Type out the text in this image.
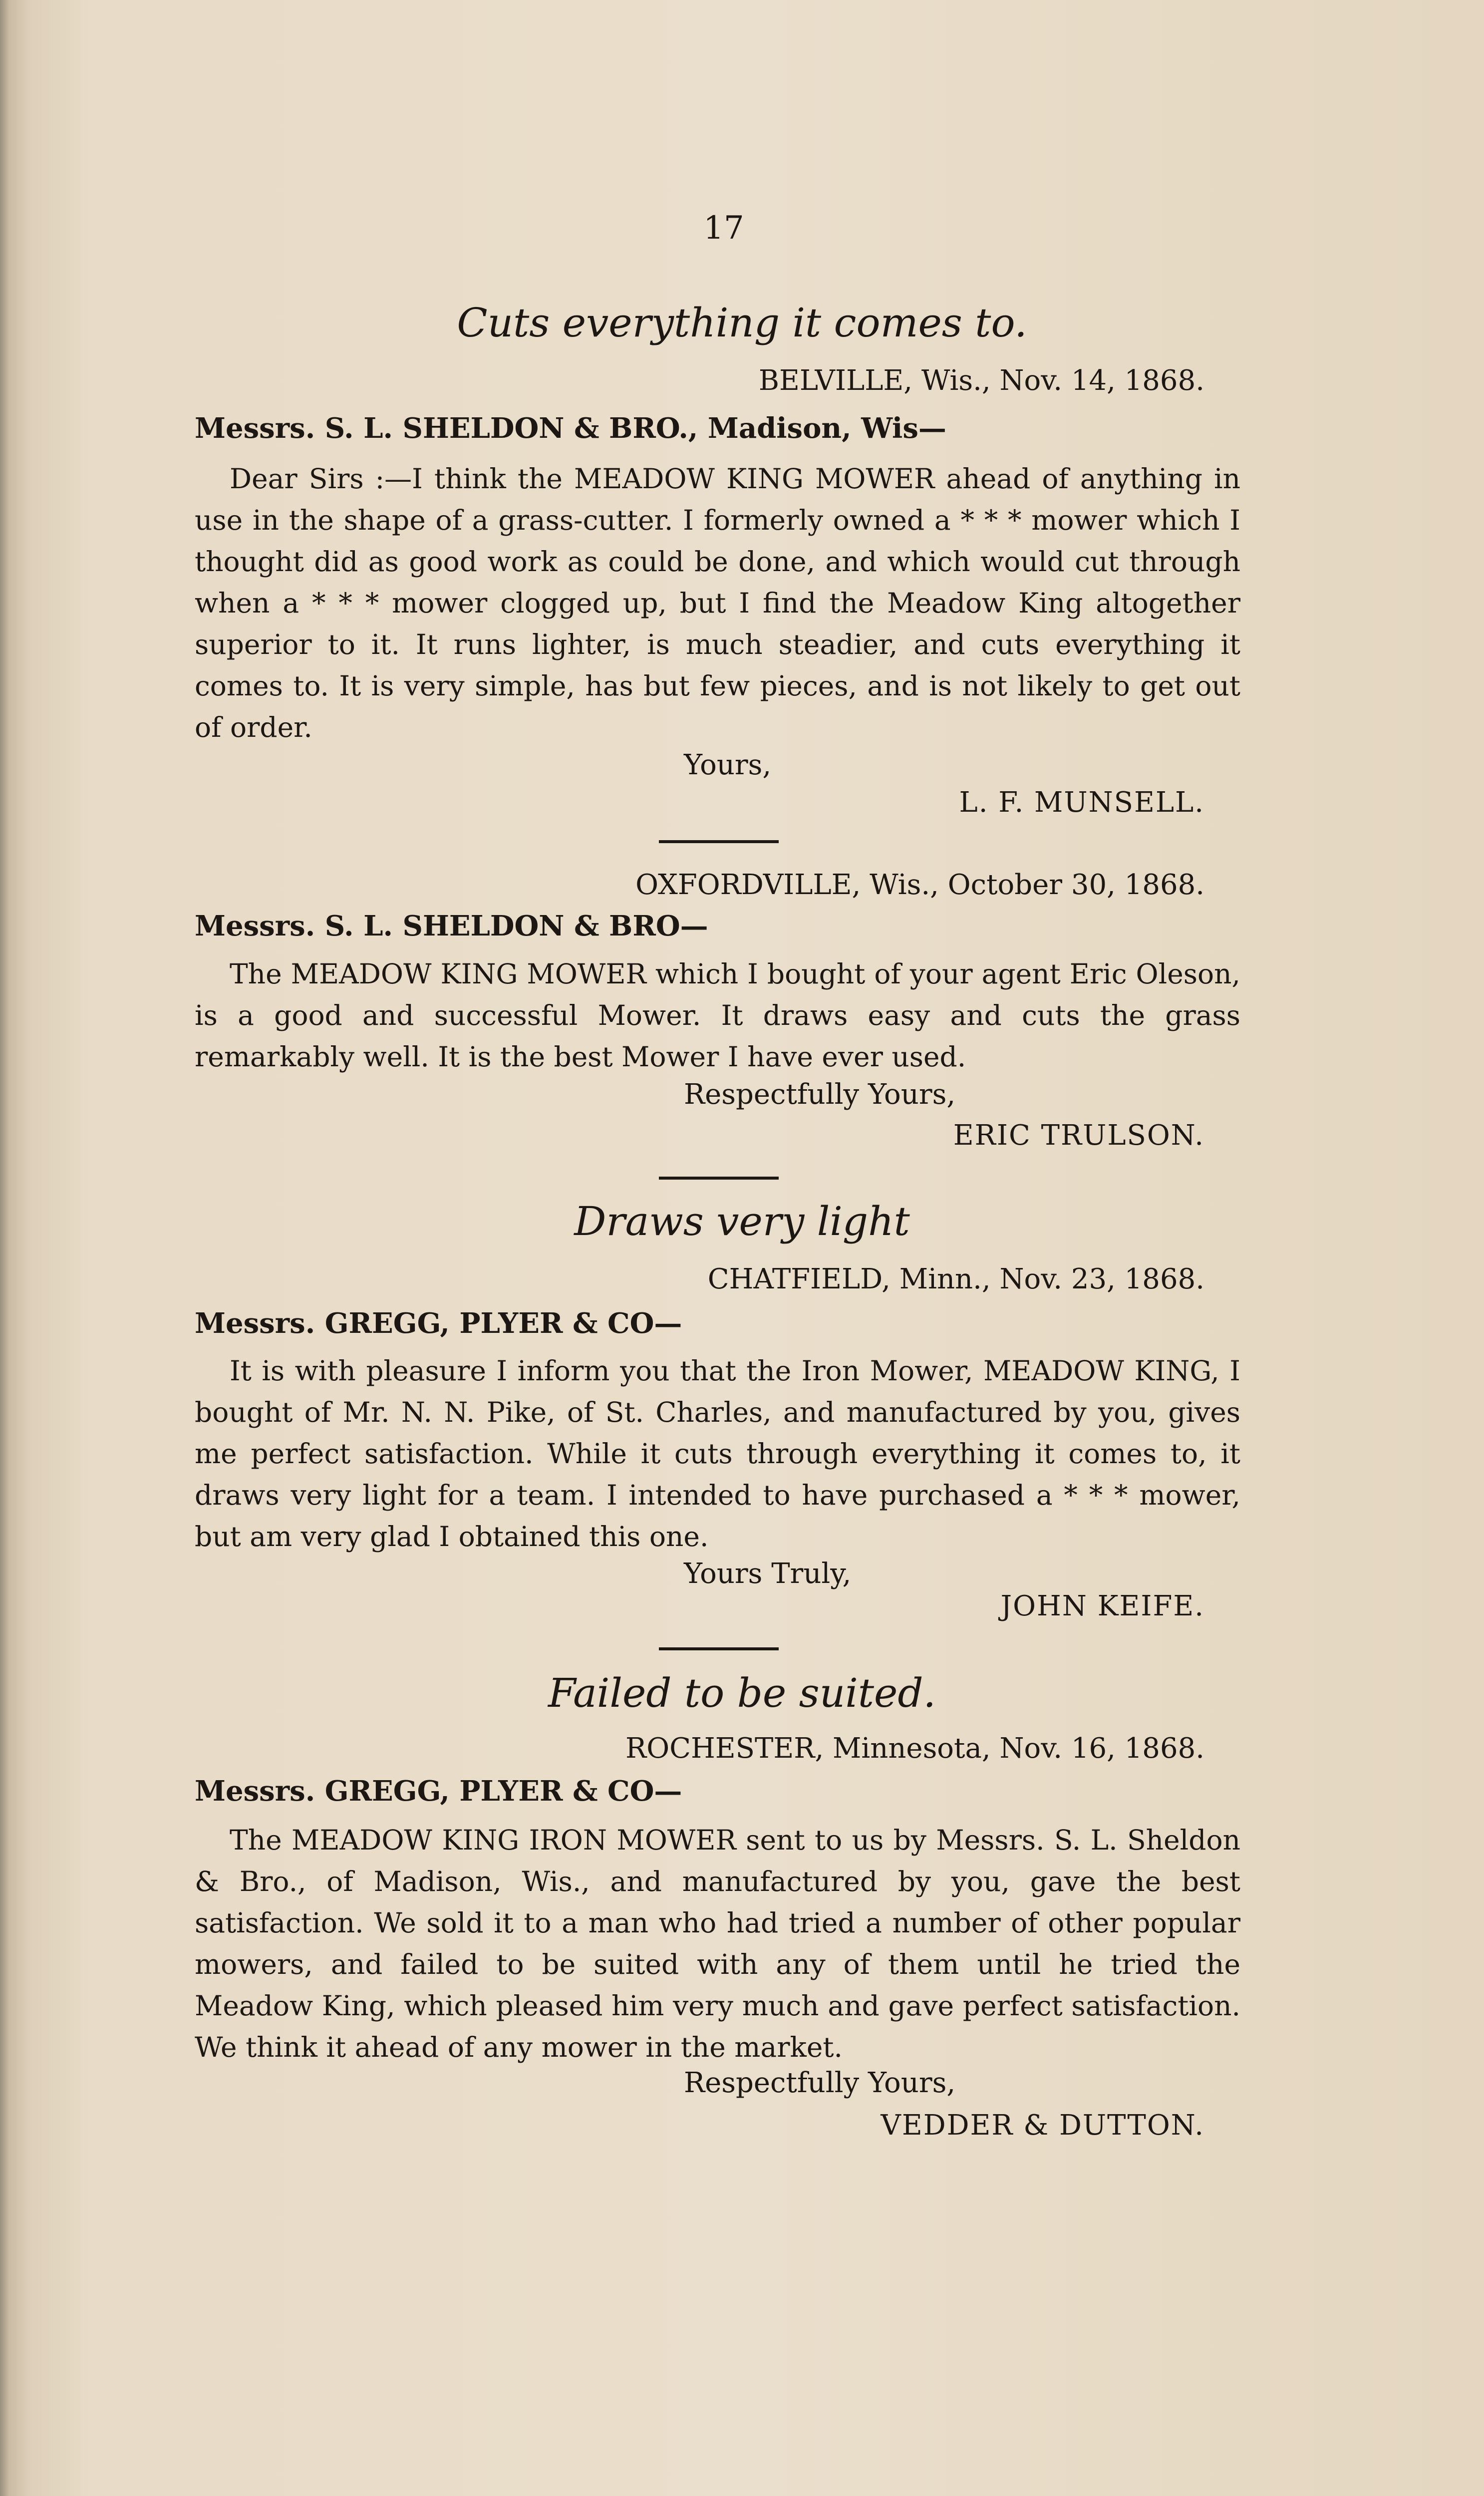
17
Cuts everything it comes to.
BELVILLE, Wis., Nov. 14, 1868.
Messrs. S. L. SHELDON & BRO., Madison, Wis—
Dear Sirs :—I think the MEADOW KING MOWER ahead of anything in use in the shape of a grass-cutter. I formerly owned a * * * mower which I thought did as good work as could be done, and which would cut through when a * * * mower clogged up, but I find the Meadow King altogether superior to it. It runs lighter, is much steadier, and cuts everything it comes to. It is very simple, has but few pieces, and is not likely to get out of order.
Yours,
L. F. MUNSELL.
OXFORDVILLE, Wis., October 30, 1868.
Messrs. S. L. SHELDON & BRO—
The MEADOW KING MOWER which I bought of your agent Eric Oleson, is a good and successful Mower. It draws easy and cuts the grass remarkably well. It is the best Mower I have ever used.
Respectfully Yours,
ERIC TRULSON.
Draws very light
CHATFIELD, Minn., Nov. 23, 1868.
Messrs. GREGG, PLYER & CO—
It is with pleasure I inform you that the Iron Mower, MEADOW KING, I bought of Mr. N. N. Pike, of St. Charles, and manufactured by you, gives me perfect satisfaction. While it cuts through everything it comes to, it draws very light for a team. I intended to have purchased a * * * mower, but am very glad I obtained this one.
Yours Truly,
JOHN KEIFE.
Failed to be suited.
ROCHESTER, Minnesota, Nov. 16, 1868.
Messrs. GREGG, PLYER & CO—
The MEADOW KING IRON MOWER sent to us by Messrs. S. L. Sheldon & Bro., of Madison, Wis., and manufactured by you, gave the best satisfaction. We sold it to a man who had tried a number of other popular mowers, and failed to be suited with any of them until he tried the Meadow King, which pleased him very much and gave perfect satisfaction. We think it ahead of any mower in the market.
Respectfully Yours,
VEDDER & DUTTON.
